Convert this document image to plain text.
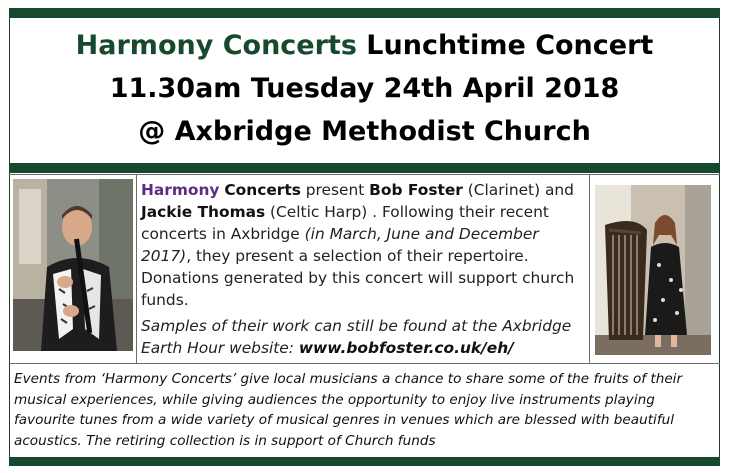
Harmony Concerts Lunchtime Concert
11.30am Tuesday 24th April 2018
@ Axbridge Methodist Church
Harmony Concerts present Bob Foster (Clarinet) and Jackie Thomas (Celtic Harp) . Following their recent concerts in Axbridge (in March, June and December 2017), they present a selection of their repertoire. Donations generated by this concert will support church funds.
Samples of their work can still be found at the Axbridge Earth Hour website: www.bobfoster.co.uk/eh/
Events from ‘Harmony Concerts’ give local musicians a chance to share some of the fruits of their musical experiences, while giving audiences the opportunity to enjoy live instruments playing favourite tunes from a wide variety of musical genres in venues which are blessed with beautiful acoustics. The retiring collection is in support of Church funds
